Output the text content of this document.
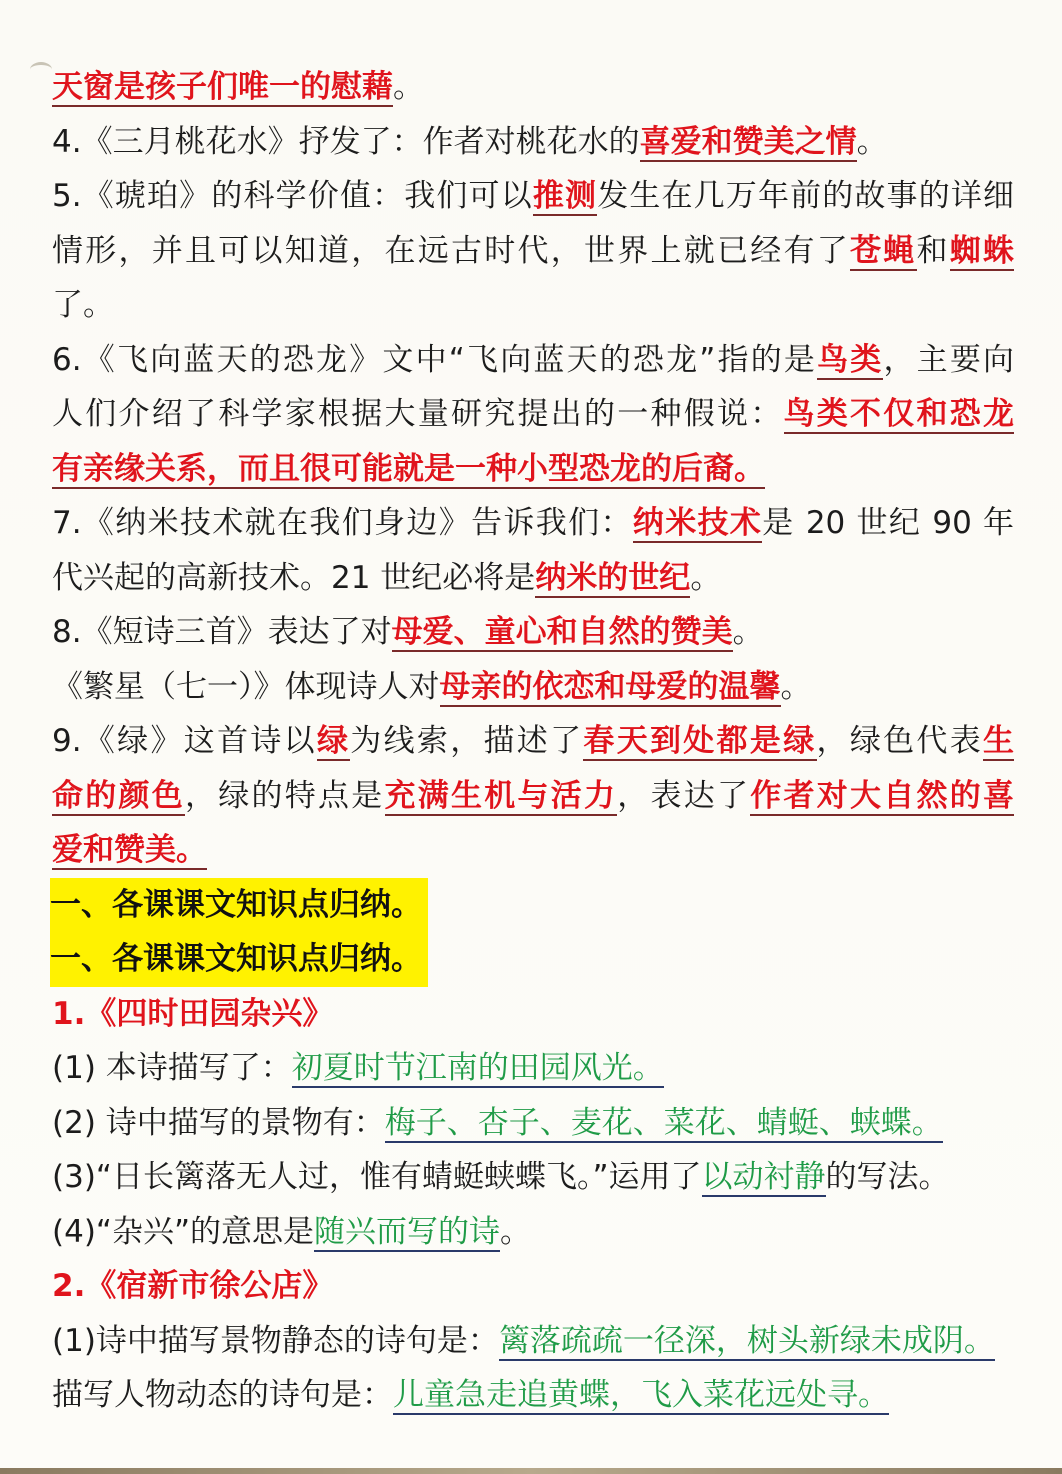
天窗是孩子们唯一的慰藉。
4.《三月桃花水》抒发了：作者对桃花水的喜爱和赞美之情。
5.《琥珀》的科学价值：我们可以推测发生在几万年前的故事的详细
情形，并且可以知道，在远古时代，世界上就已经有了苍蝇和蜘蛛
了。
6.《飞向蓝天的恐龙》文中“飞向蓝天的恐龙”指的是鸟类，主要向
人们介绍了科学家根据大量研究提出的一种假说：鸟类不仅和恐龙
有亲缘关系，而且很可能就是一种小型恐龙的后裔。
7.《纳米技术就在我们身边》告诉我们：纳米技术是 20 世纪 90 年
代兴起的高新技术。21 世纪必将是纳米的世纪。
8.《短诗三首》表达了对母爱、童心和自然的赞美。
《繁星（七一）》体现诗人对母亲的依恋和母爱的温馨。
9.《绿》这首诗以绿为线索，描述了春天到处都是绿，绿色代表生
命的颜色，绿的特点是充满生机与活力，表达了作者对大自然的喜
爱和赞美。
一、各课课文知识点归纳。
一、各课课文知识点归纳。
1.《四时田园杂兴》
(1) 本诗描写了：初夏时节江南的田园风光。
(2) 诗中描写的景物有：梅子、杏子、麦花、菜花、蜻蜓、蛱蝶。
(3)“日长篱落无人过，惟有蜻蜓蛱蝶飞。”运用了以动衬静的写法。
(4)“杂兴”的意思是随兴而写的诗。
2.《宿新市徐公店》
(1)诗中描写景物静态的诗句是：篱落疏疏一径深，树头新绿未成阴。
描写人物动态的诗句是：儿童急走追黄蝶，飞入菜花远处寻。
